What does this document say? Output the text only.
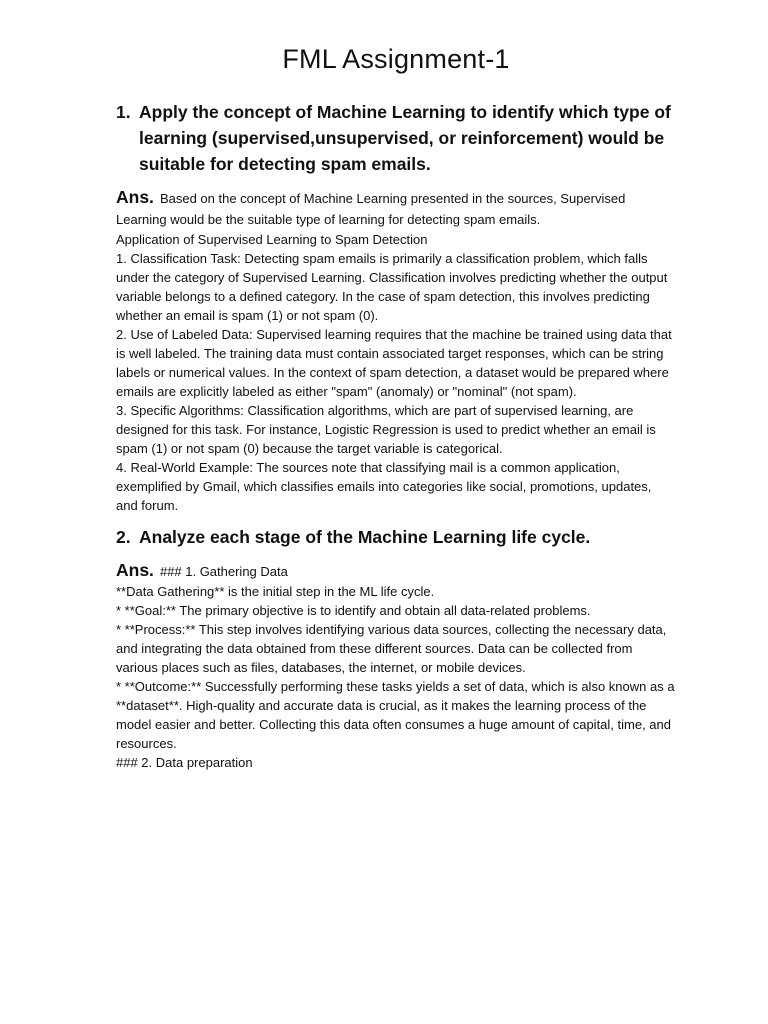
FML Assignment-1
1. Apply the concept of Machine Learning to identify which type of learning (supervised,unsupervised, or reinforcement) would be suitable for detecting spam emails.

Ans. Based on the concept of Machine Learning presented in the sources, Supervised Learning would be the suitable type of learning for detecting spam emails.

Application of Supervised Learning to Spam Detection

1. Classification Task: Detecting spam emails is primarily a classification problem, which falls under the category of Supervised Learning. Classification involves predicting whether the output variable belongs to a defined category. In the case of spam detection, this involves predicting whether an email is spam (1) or not spam (0).

2. Use of Labeled Data: Supervised learning requires that the machine be trained using data that is well labeled. The training data must contain associated target responses, which can be string labels or numerical values. In the context of spam detection, a dataset would be prepared where emails are explicitly labeled as either "spam" (anomaly) or "nominal" (not spam).

3. Specific Algorithms: Classification algorithms, which are part of supervised learning, are designed for this task. For instance, Logistic Regression is used to predict whether an email is spam (1) or not spam (0) because the target variable is categorical.

4. Real-World Example: The sources note that classifying mail is a common application, exemplified by Gmail, which classifies emails into categories like social, promotions, updates, and forum.

2. Analyze each stage of the Machine Learning life cycle.

Ans. ### 1. Gathering Data

**Data Gathering** is the initial step in the ML life cycle.

* **Goal:** The primary objective is to identify and obtain all data-related problems.

* **Process:** This step involves identifying various data sources, collecting the necessary data, and integrating the data obtained from these different sources. Data can be collected from various places such as files, databases, the internet, or mobile devices.

* **Outcome:** Successfully performing these tasks yields a set of data, which is also known as a **dataset**. High-quality and accurate data is crucial, as it makes the learning process of the model easier and better. Collecting this data often consumes a huge amount of capital, time, and resources.

### 2. Data preparation
